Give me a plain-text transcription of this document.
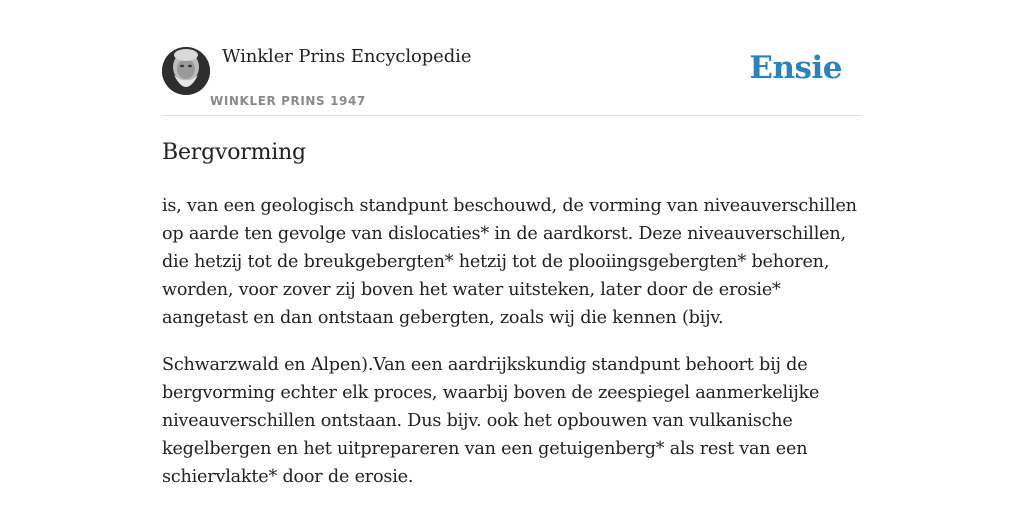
Winkler Prins Encyclopedie
WINKLER PRINS 1947
Ensie
Bergvorming

is, van een geologisch standpunt beschouwd, de vorming van niveauverschillen op aarde ten gevolge van dislocaties* in de aardkorst. Deze niveauverschillen, die hetzij tot de breukgebergten* hetzij tot de plooiingsgebergten* behoren, worden, voor zover zij boven het water uitsteken, later door de erosie* aangetast en dan ontstaan gebergten, zoals wij die kennen (bijv.

Schwarzwald en Alpen).Van een aardrijkskundig standpunt behoort bij de bergvorming echter elk proces, waarbij boven de zeespiegel aanmerkelijke niveauverschillen ontstaan. Dus bijv. ook het opbouwen van vulkanische kegelbergen en het uitprepareren van een getuigenberg* als rest van een schiervlakte* door de erosie.
